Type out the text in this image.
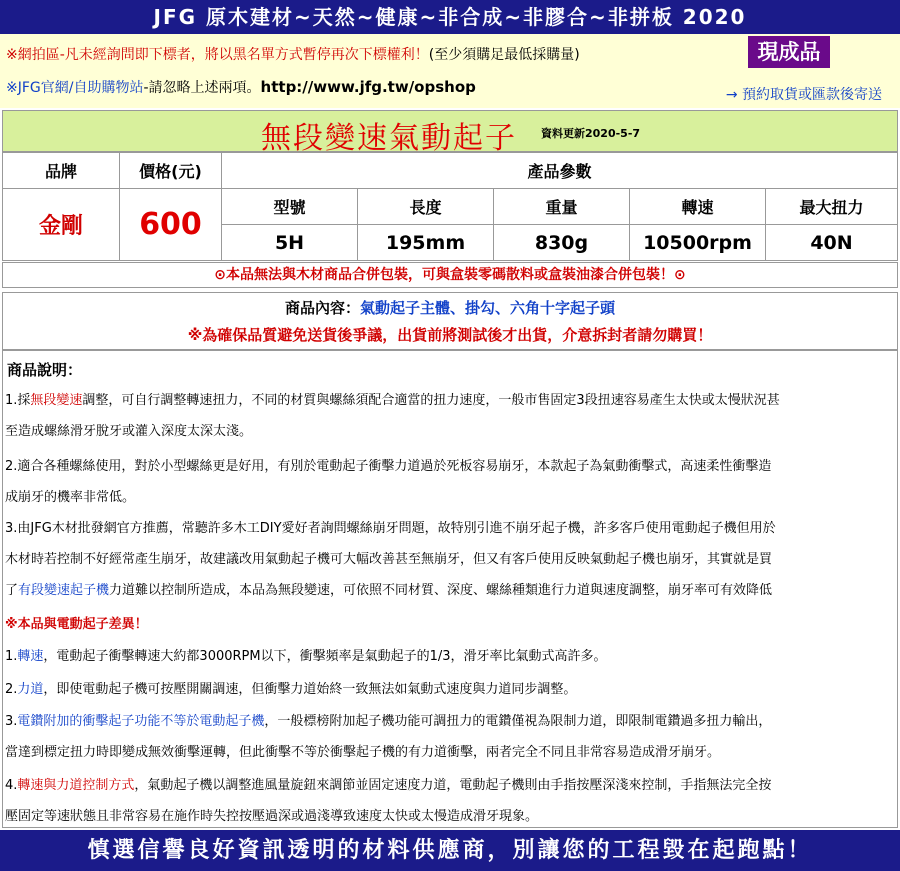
JFG 原木建材~天然~健康~非合成~非膠合~非拼板 2020
※網拍區-凡未經詢問即下標者，將以黑名單方式暫停再次下標權利！(至少須購足最低採購量)
※JFG官網/自助購物站-請忽略上述兩項。http://www.jfg.tw/opshop
現成品
→ 預約取貨或匯款後寄送
無段變速氣動起子 資料更新2020-5-7
品牌	價格(元)	產品參數				
金剛	600	型號	長度	重量	轉速	最大扭力
		5H	195mm	830g	10500rpm	40N
⊙本品無法與木材商品合併包裝，可與盒裝零碼散料或盒裝油漆合併包裝！⊙
商品內容：氣動起子主體、掛勾、六角十字起子頭
※為確保品質避免送貨後爭議，出貨前將測試後才出貨，介意拆封者請勿購買！
商品說明：
1.採無段變速調整，可自行調整轉速扭力，不同的材質與螺絲須配合適當的扭力速度，一般市售固定3段扭速容易產生太快或太慢狀況甚
至造成螺絲滑牙脫牙或灌入深度太深太淺。
2.適合各種螺絲使用，對於小型螺絲更是好用，有別於電動起子衝擊力道過於死板容易崩牙，本款起子為氣動衝擊式，高速柔性衝擊造
成崩牙的機率非常低。
3.由JFG木材批發網官方推薦，常聽許多木工DIY愛好者詢問螺絲崩牙問題，故特別引進不崩牙起子機，許多客戶使用電動起子機但用於
木材時若控制不好經常產生崩牙，故建議改用氣動起子機可大幅改善甚至無崩牙，但又有客戶使用反映氣動起子機也崩牙，其實就是買
了有段變速起子機力道難以控制所造成，本品為無段變速，可依照不同材質、深度、螺絲種類進行力道與速度調整，崩牙率可有效降低
※本品與電動起子差異！
1.轉速，電動起子衝擊轉速大約都3000RPM以下，衝擊頻率是氣動起子的1/3，滑牙率比氣動式高許多。
2.力道，即使電動起子機可按壓開關調速，但衝擊力道始終一致無法如氣動式速度與力道同步調整。
3.電鑽附加的衝擊起子功能不等於電動起子機，一般標榜附加起子機功能可調扭力的電鑽僅視為限制力道，即限制電鑽過多扭力輸出，
當達到標定扭力時即變成無效衝擊運轉，但此衝擊不等於衝擊起子機的有力道衝擊，兩者完全不同且非常容易造成滑牙崩牙。
4.轉速與力道控制方式，氣動起子機以調整進風量旋鈕來調節並固定速度力道，電動起子機則由手指按壓深淺來控制，手指無法完全按
壓固定等速狀態且非常容易在施作時失控按壓過深或過淺導致速度太快或太慢造成滑牙現象。
慎選信譽良好資訊透明的材料供應商，別讓您的工程毀在起跑點！
